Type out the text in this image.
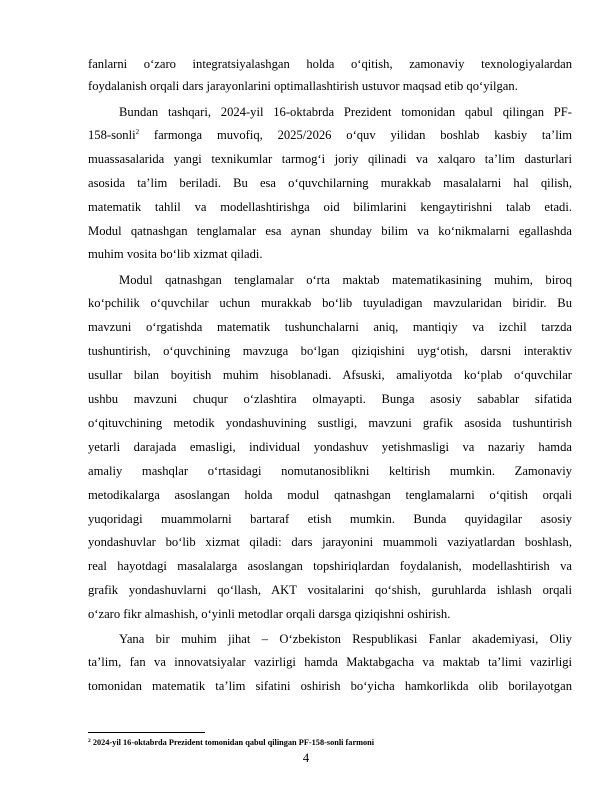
fanlarni o‘zaro integratsiyalashgan holda o‘qitish, zamonaviy texnologiyalardan
foydalanish orqali dars jarayonlarini optimallashtirish ustuvor maqsad etib qo‘yilgan.
Bundan tashqari, 2024-yil 16-oktabrda Prezident tomonidan qabul qilingan PF-
158-sonli$^2$ farmonga muvofiq, 2025/2026 o‘quv yilidan boshlab kasbiy ta’lim
muassasalarida yangi texnikumlar tarmog‘i joriy qilinadi va xalqaro ta’lim dasturlari
asosida ta’lim beriladi. Bu esa o‘quvchilarning murakkab masalalarni hal qilish,
matematik tahlil va modellashtirishga oid bilimlarini kengaytirishni talab etadi.
Modul qatnashgan tenglamalar esa aynan shunday bilim va ko‘nikmalarni egallashda
muhim vosita bo‘lib xizmat qiladi.
Modul qatnashgan tenglamalar o‘rta maktab matematikasining muhim, biroq
ko‘pchilik o‘quvchilar uchun murakkab bo‘lib tuyuladigan mavzularidan biridir. Bu
mavzuni o‘rgatishda matematik tushunchalarni aniq, mantiqiy va izchil tarzda
tushuntirish, o‘quvchining mavzuga bo‘lgan qiziqishini uyg‘otish, darsni interaktiv
usullar bilan boyitish muhim hisoblanadi. Afsuski, amaliyotda ko‘plab o‘quvchilar
ushbu mavzuni chuqur o‘zlashtira olmayapti. Bunga asosiy sabablar sifatida
o‘qituvchining metodik yondashuvining sustligi, mavzuni grafik asosida tushuntirish
yetarli darajada emasligi, individual yondashuv yetishmasligi va nazariy hamda
amaliy mashqlar o‘rtasidagi nomutanosiblikni keltirish mumkin. Zamonaviy
metodikalarga asoslangan holda modul qatnashgan tenglamalarni o‘qitish orqali
yuqoridagi muammolarni bartaraf etish mumkin. Bunda quyidagilar asosiy
yondashuvlar bo‘lib xizmat qiladi: dars jarayonini muammoli vaziyatlardan boshlash,
real hayotdagi masalalarga asoslangan topshiriqlardan foydalanish, modellashtirish va
grafik yondashuvlarni qo‘llash, AKT vositalarini qo‘shish, guruhlarda ishlash orqali
o‘zaro fikr almashish, o‘yinli metodlar orqali darsga qiziqishni oshirish.
Yana bir muhim jihat – O‘zbekiston Respublikasi Fanlar akademiyasi, Oliy
ta’lim, fan va innovatsiyalar vazirligi hamda Maktabgacha va maktab ta’limi vazirligi
tomonidan matematik ta’lim sifatini oshirish bo‘yicha hamkorlikda olib borilayotgan
$^2$ 2024-yil 16-oktabrda Prezident tomonidan qabul qilingan PF-158-sonli farmoni
4
